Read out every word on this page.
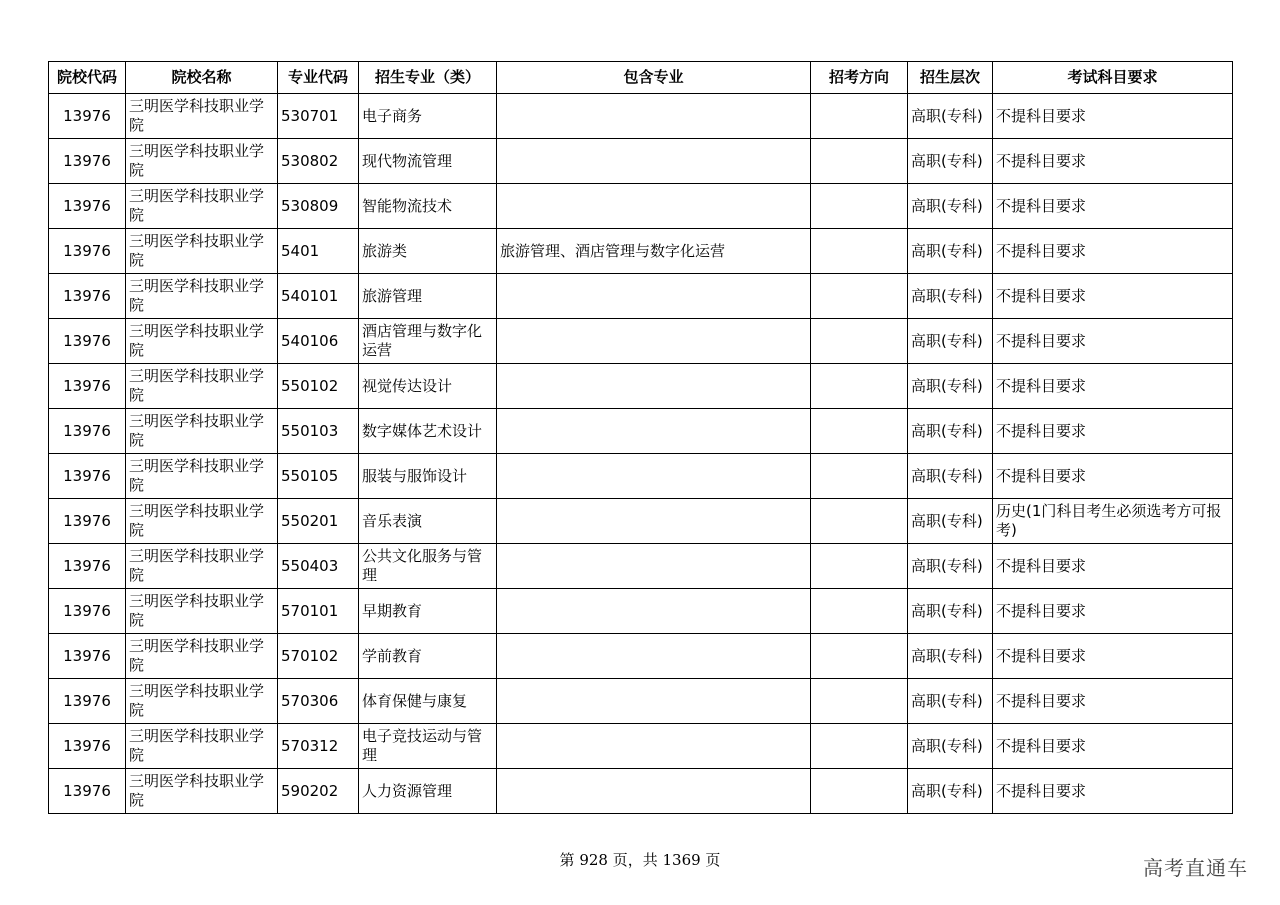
院校代码	院校名称	专业代码	招生专业（类）	包含专业	招考方向	招生层次	考试科目要求
13976	三明医学科技职业学院	530701	电子商务			高职(专科)	不提科目要求
13976	三明医学科技职业学院	530802	现代物流管理			高职(专科)	不提科目要求
13976	三明医学科技职业学院	530809	智能物流技术			高职(专科)	不提科目要求
13976	三明医学科技职业学院	5401	旅游类	旅游管理、酒店管理与数字化运营		高职(专科)	不提科目要求
13976	三明医学科技职业学院	540101	旅游管理			高职(专科)	不提科目要求
13976	三明医学科技职业学院	540106	酒店管理与数字化运营			高职(专科)	不提科目要求
13976	三明医学科技职业学院	550102	视觉传达设计			高职(专科)	不提科目要求
13976	三明医学科技职业学院	550103	数字媒体艺术设计			高职(专科)	不提科目要求
13976	三明医学科技职业学院	550105	服装与服饰设计			高职(专科)	不提科目要求
13976	三明医学科技职业学院	550201	音乐表演			高职(专科)	历史(1门科目考生必须选考方可报考)
13976	三明医学科技职业学院	550403	公共文化服务与管理			高职(专科)	不提科目要求
13976	三明医学科技职业学院	570101	早期教育			高职(专科)	不提科目要求
13976	三明医学科技职业学院	570102	学前教育			高职(专科)	不提科目要求
13976	三明医学科技职业学院	570306	体育保健与康复			高职(专科)	不提科目要求
13976	三明医学科技职业学院	570312	电子竞技运动与管理			高职(专科)	不提科目要求
13976	三明医学科技职业学院	590202	人力资源管理			高职(专科)	不提科目要求
第 928 页，共 1369 页	高考直通车
